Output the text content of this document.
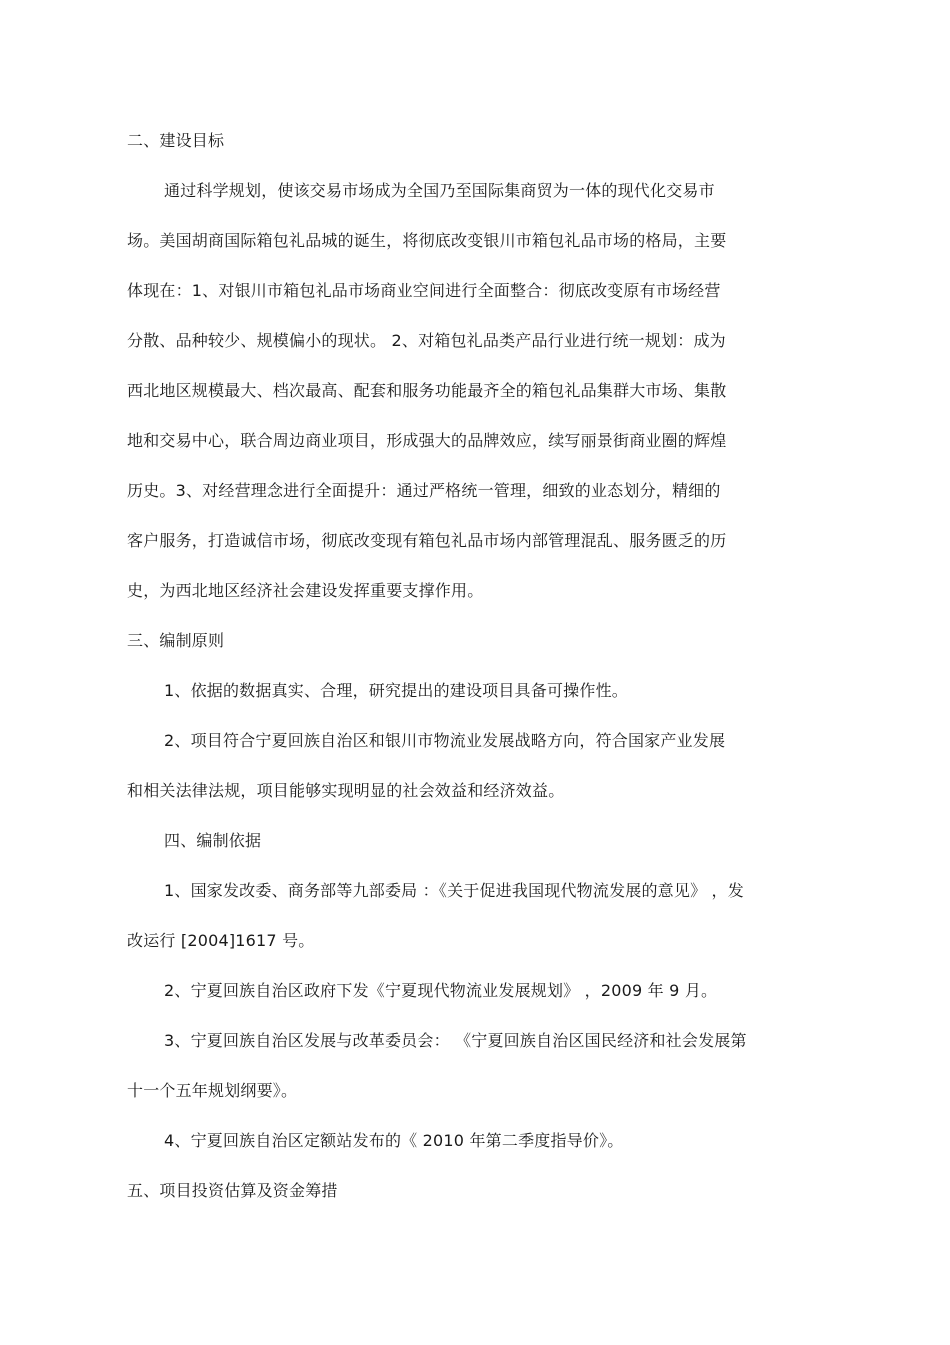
二、建设目标
通过科学规划，使该交易市场成为全国乃至国际集商贸为一体的现代化交易市
场。美国胡商国际箱包礼品城的诞生，将彻底改变银川市箱包礼品市场的格局，主要
体现在：1、对银川市箱包礼品市场商业空间进行全面整合：彻底改变原有市场经营
分散、品种较少、规模偏小的现状。 2、对箱包礼品类产品行业进行统一规划：成为
西北地区规模最大、档次最高、配套和服务功能最齐全的箱包礼品集群大市场、集散
地和交易中心，联合周边商业项目，形成强大的品牌效应，续写丽景街商业圈的辉煌
历史。3、对经营理念进行全面提升：通过严格统一管理，细致的业态划分，精细的
客户服务，打造诚信市场，彻底改变现有箱包礼品市场内部管理混乱、服务匮乏的历
史，为西北地区经济社会建设发挥重要支撑作用。
三、编制原则
1、依据的数据真实、合理，研究提出的建设项目具备可操作性。
2、项目符合宁夏回族自治区和银川市物流业发展战略方向，符合国家产业发展
和相关法律法规，项目能够实现明显的社会效益和经济效益。
四、编制依据
1、国家发改委、商务部等九部委局 ：《关于促进我国现代物流发展的意见》 ，发
改运行 [2004]1617 号。
2、宁夏回族自治区政府下发《宁夏现代物流业发展规划》 ，2009 年 9 月。
3、宁夏回族自治区发展与改革委员会： 《宁夏回族自治区国民经济和社会发展第
十一个五年规划纲要》。
4、宁夏回族自治区定额站发布的《 2010 年第二季度指导价》。
五、项目投资估算及资金筹措
